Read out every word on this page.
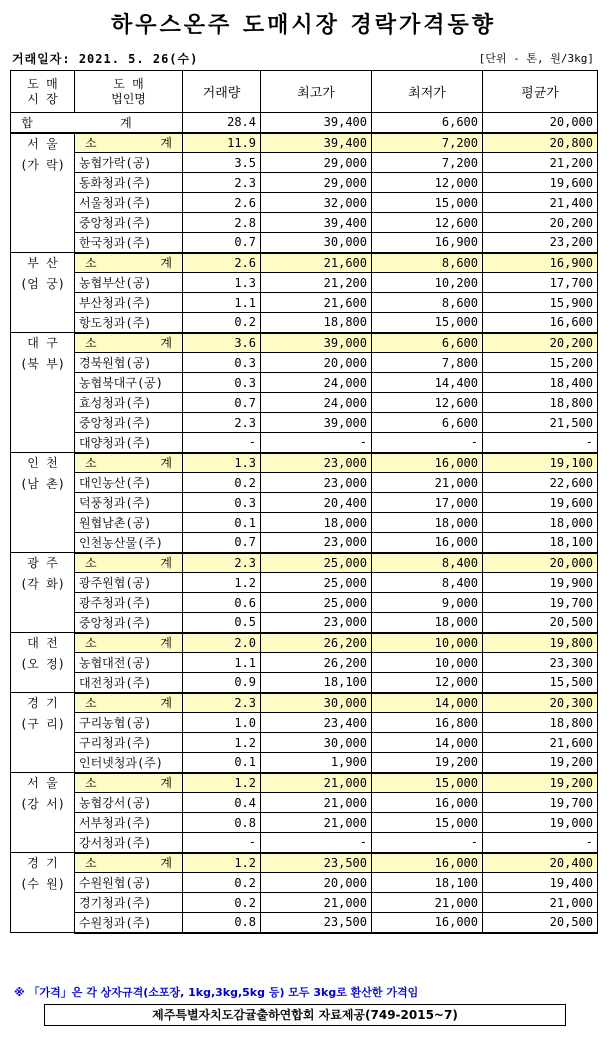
하우스온주 도매시장 경락가격동향
거래일자: 2021. 5. 26(수)	[단위 - 톤, 원/3kg]
도 매
시 장	도 매
법인명	거래량	최고가	최저가	평균가
합 계		28.4	39,400	6,600	20,000

서 울
(가 락)	소 계	11.9	39,400	7,200	20,800
	농협가락(공)	3.5	29,000	7,200	21,200
	동화청과(주)	2.3	29,000	12,000	19,600
	서울청과(주)	2.6	32,000	15,000	21,400
	중앙청과(주)	2.8	39,400	12,600	20,200
	한국청과(주)	0.7	30,000	16,900	23,200

부 산
(엄 궁)	소 계	2.6	21,600	8,600	16,900
	농협부산(공)	1.3	21,200	10,200	17,700
	부산청과(주)	1.1	21,600	8,600	15,900
	항도청과(주)	0.2	18,800	15,000	16,600

대 구
(북 부)	소 계	3.6	39,000	6,600	20,200
	경북원협(공)	0.3	20,000	7,800	15,200
	농협북대구(공)	0.3	24,000	14,400	18,400
	효성청과(주)	0.7	24,000	12,600	18,800
	중앙청과(주)	2.3	39,000	6,600	21,500
	대양청과(주)	-	-	-	-

인 천
(남 촌)	소 계	1.3	23,000	16,000	19,100
	대인농산(주)	0.2	23,000	21,000	22,600
	덕풍청과(주)	0.3	20,400	17,000	19,600
	원협남촌(공)	0.1	18,000	18,000	18,000
	인천농산물(주)	0.7	23,000	16,000	18,100

광 주
(각 화)	소 계	2.3	25,000	8,400	20,000
	광주원협(공)	1.2	25,000	8,400	19,900
	광주청과(주)	0.6	25,000	9,000	19,700
	중앙청과(주)	0.5	23,000	18,000	20,500

대 전
(오 정)	소 계	2.0	26,200	10,000	19,800
	농협대전(공)	1.1	26,200	10,000	23,300
	대전청과(주)	0.9	18,100	12,000	15,500

경 기
(구 리)	소 계	2.3	30,000	14,000	20,300
	구리농협(공)	1.0	23,400	16,800	18,800
	구리청과(주)	1.2	30,000	14,000	21,600
	인터넷청과(주)	0.1	1,900	19,200	19,200

서 울
(강 서)	소 계	1.2	21,000	15,000	19,200
	농협강서(공)	0.4	21,000	16,000	19,700
	서부청과(주)	0.8	21,000	15,000	19,000
	강서청과(주)	-	-	-	-

경 기
(수 원)	소 계	1.2	23,500	16,000	20,400
	수원원협(공)	0.2	20,000	18,100	19,400
	경기청과(주)	0.2	21,000	21,000	21,000
	수원청과(주)	0.8	23,500	16,000	20,500
※ 「가격」은 각 상자규격(소포장, 1kg,3kg,5kg 등) 모두 3kg로 환산한 가격임
제주특별자치도감귤출하연합회 자료제공(749-2015~7)
